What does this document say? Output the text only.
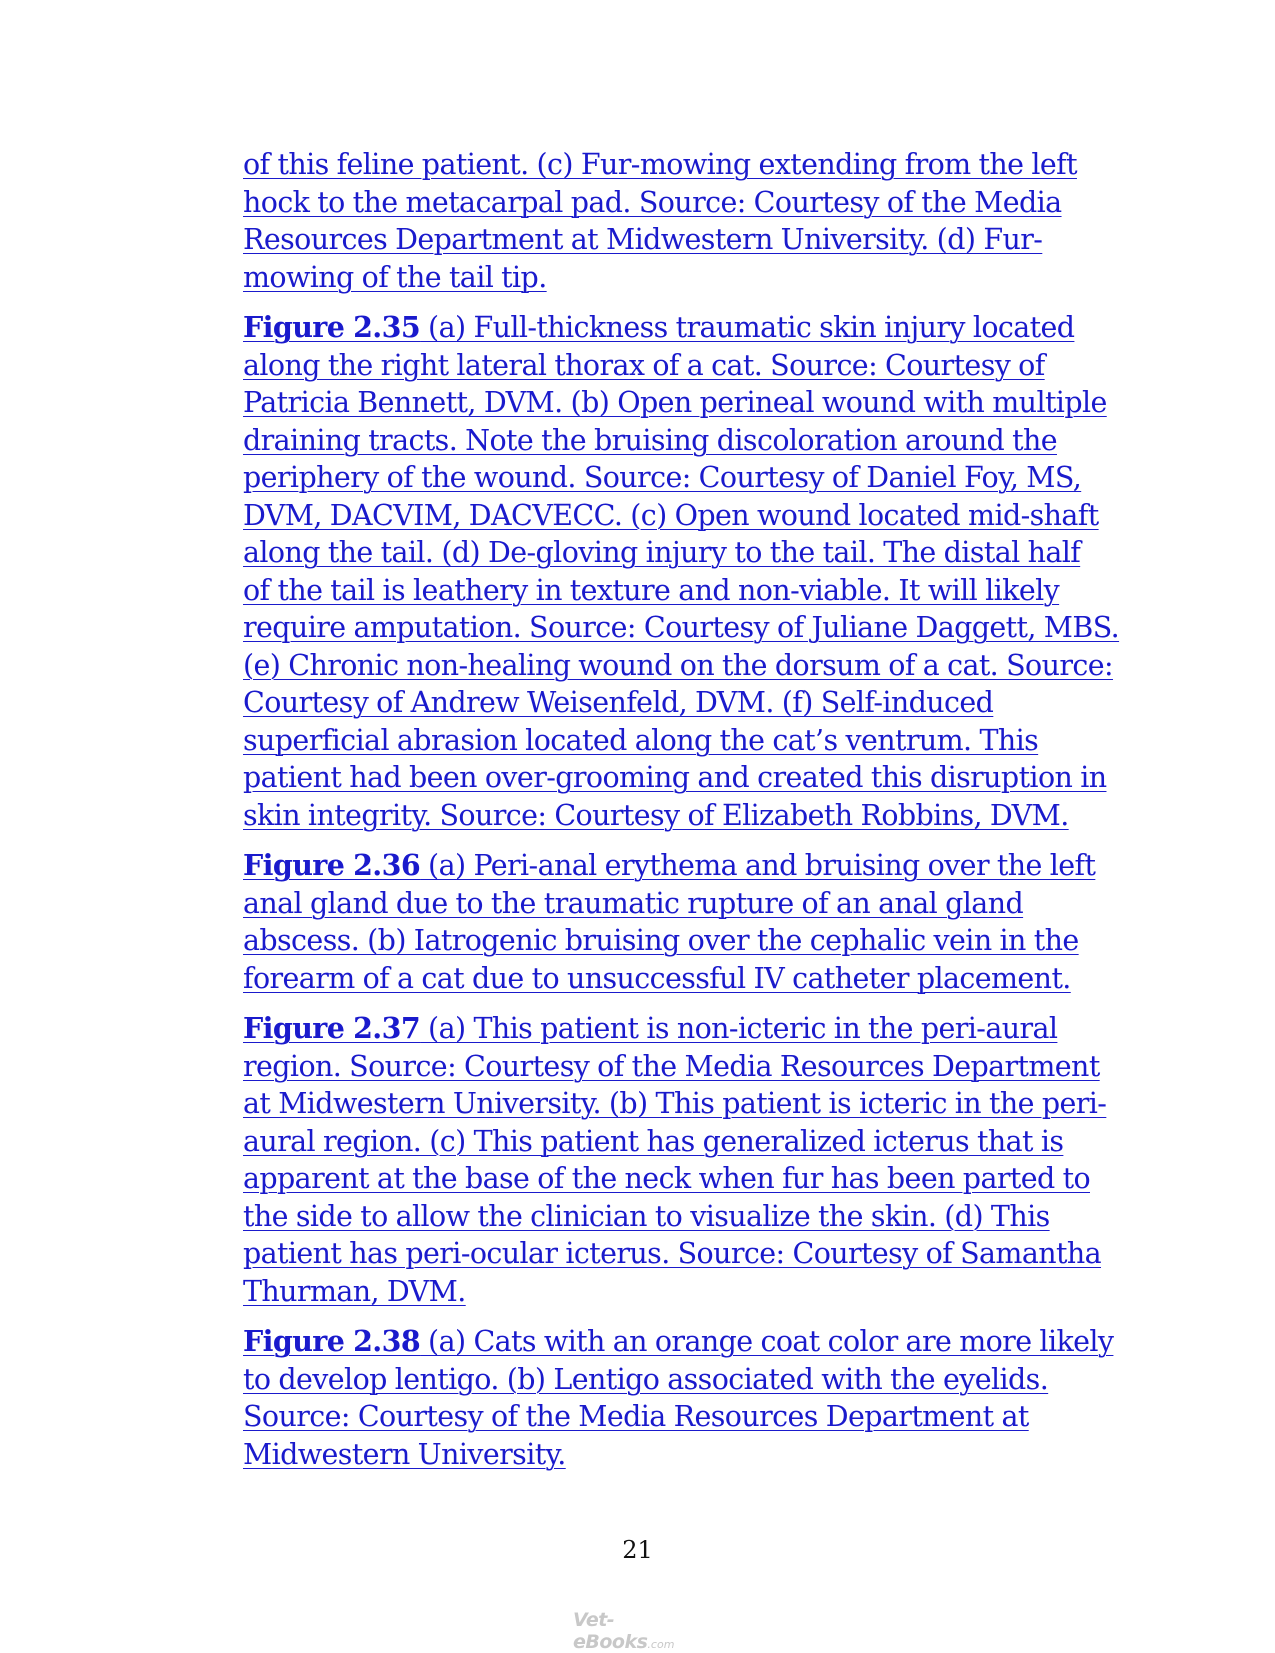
of this feline patient. (c) Fur-mowing extending from the left
hock to the metacarpal pad. Source: Courtesy of the Media
Resources Department at Midwestern University. (d) Fur-
mowing of the tail tip.

Figure 2.35 (a) Full-thickness traumatic skin injury located
along the right lateral thorax of a cat. Source: Courtesy of
Patricia Bennett, DVM. (b) Open perineal wound with multiple
draining tracts. Note the bruising discoloration around the
periphery of the wound. Source: Courtesy of Daniel Foy, MS,
DVM, DACVIM, DACVECC. (c) Open wound located mid-shaft
along the tail. (d) De-gloving injury to the tail. The distal half
of the tail is leathery in texture and non-viable. It will likely
require amputation. Source: Courtesy of Juliane Daggett, MBS.
(e) Chronic non-healing wound on the dorsum of a cat. Source:
Courtesy of Andrew Weisenfeld, DVM. (f) Self-induced
superficial abrasion located along the cat’s ventrum. This
patient had been over-grooming and created this disruption in
skin integrity. Source: Courtesy of Elizabeth Robbins, DVM.

Figure 2.36 (a) Peri-anal erythema and bruising over the left
anal gland due to the traumatic rupture of an anal gland
abscess. (b) Iatrogenic bruising over the cephalic vein in the
forearm of a cat due to unsuccessful IV catheter placement.

Figure 2.37 (a) This patient is non-icteric in the peri-aural
region. Source: Courtesy of the Media Resources Department
at Midwestern University. (b) This patient is icteric in the peri-
aural region. (c) This patient has generalized icterus that is
apparent at the base of the neck when fur has been parted to
the side to allow the clinician to visualize the skin. (d) This
patient has peri-ocular icterus. Source: Courtesy of Samantha
Thurman, DVM.

Figure 2.38 (a) Cats with an orange coat color are more likely
to develop lentigo. (b) Lentigo associated with the eyelids.
Source: Courtesy of the Media Resources Department at
Midwestern University.

21
Vet-eBooks.com
